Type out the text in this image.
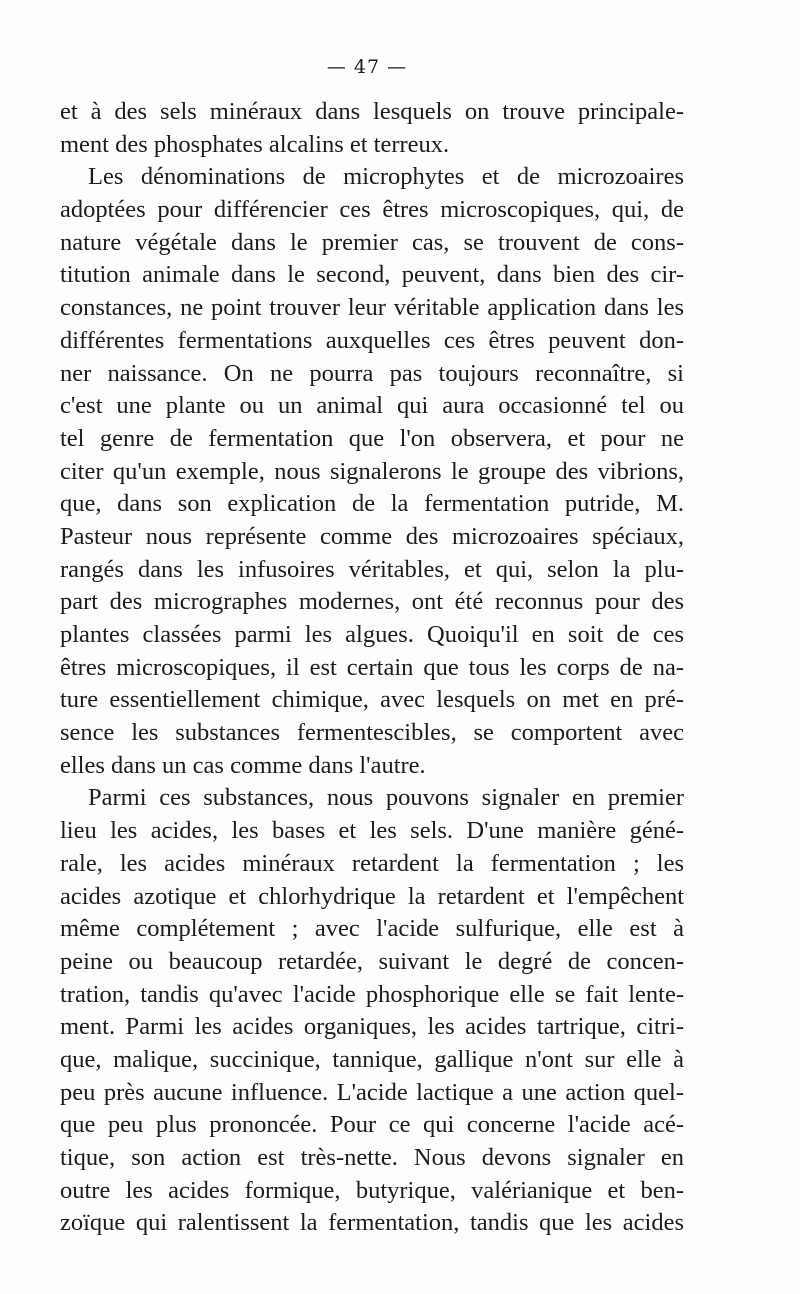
— 47 —
et à des sels minéraux dans lesquels on trouve principale-
ment des phosphates alcalins et terreux.
Les dénominations de microphytes et de microzoaires
adoptées pour différencier ces êtres microscopiques, qui, de
nature végétale dans le premier cas, se trouvent de cons-
titution animale dans le second, peuvent, dans bien des cir-
constances, ne point trouver leur véritable application dans les
différentes fermentations auxquelles ces êtres peuvent don-
ner naissance. On ne pourra pas toujours reconnaître, si
c'est une plante ou un animal qui aura occasionné tel ou
tel genre de fermentation que l'on observera, et pour ne
citer qu'un exemple, nous signalerons le groupe des vibrions,
que, dans son explication de la fermentation putride, M.
Pasteur nous représente comme des microzoaires spéciaux,
rangés dans les infusoires véritables, et qui, selon la plu-
part des micrographes modernes, ont été reconnus pour des
plantes classées parmi les algues. Quoiqu'il en soit de ces
êtres microscopiques, il est certain que tous les corps de na-
ture essentiellement chimique, avec lesquels on met en pré-
sence les substances fermentescibles, se comportent avec
elles dans un cas comme dans l'autre.
Parmi ces substances, nous pouvons signaler en premier
lieu les acides, les bases et les sels. D'une manière géné-
rale, les acides minéraux retardent la fermentation ; les
acides azotique et chlorhydrique la retardent et l'empêchent
même complétement ; avec l'acide sulfurique, elle est à
peine ou beaucoup retardée, suivant le degré de concen-
tration, tandis qu'avec l'acide phosphorique elle se fait lente-
ment. Parmi les acides organiques, les acides tartrique, citri-
que, malique, succinique, tannique, gallique n'ont sur elle à
peu près aucune influence. L'acide lactique a une action quel-
que peu plus prononcée. Pour ce qui concerne l'acide acé-
tique, son action est très-nette. Nous devons signaler en
outre les acides formique, butyrique, valérianique et ben-
zoïque qui ralentissent la fermentation, tandis que les acides
